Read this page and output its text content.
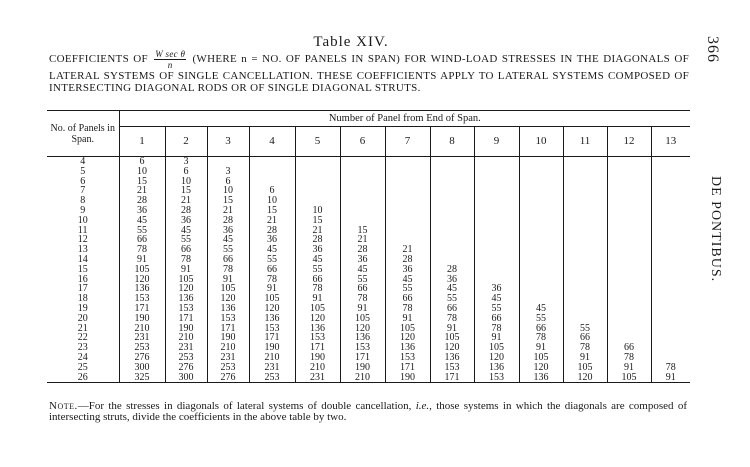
366
DE PONTIBUS.
Table XIV.
COEFFICIENTS OF $\frac{\text{W sec θ}}{n}$ (WHERE n = NO. OF PANELS IN SPAN) FOR WIND-LOAD STRESSES IN THE DIAGONALS OF LATERAL SYSTEMS OF SINGLE CANCELLATION. THESE COEFFICIENTS APPLY TO LATERAL SYSTEMS COMPOSED OF INTERSECTING DIAGONAL RODS OR OF SINGLE DIAGONAL STRUTS.
No. of Panels in Span.	Number of Panel from End of Span.												
	1	2	3	4	5	6	7	8	9	10	11	12	13
4	6	3											
5	10	6	3										
6	15	10	6										
7	21	15	10	6									
8	28	21	15	10									
9	36	28	21	15	10								
10	45	36	28	21	15								
11	55	45	36	28	21	15							
12	66	55	45	36	28	21							
13	78	66	55	45	36	28	21						
14	91	78	66	55	45	36	28						
15	105	91	78	66	55	45	36	28					
16	120	105	91	78	66	55	45	36					
17	136	120	105	91	78	66	55	45	36				
18	153	136	120	105	91	78	66	55	45				
19	171	153	136	120	105	91	78	66	55	45			
20	190	171	153	136	120	105	91	78	66	55			
21	210	190	171	153	136	120	105	91	78	66	55		
22	231	210	190	171	153	136	120	105	91	78	66		
23	253	231	210	190	171	153	136	120	105	91	78	66	
24	276	253	231	210	190	171	153	136	120	105	91	78	
25	300	276	253	231	210	190	171	153	136	120	105	91	78
26	325	300	276	253	231	210	190	171	153	136	120	105	91
Note.—For the stresses in diagonals of lateral systems of double cancellation, i.e., those systems in which the diagonals are composed of intersecting struts, divide the coefficients in the above table by two.
